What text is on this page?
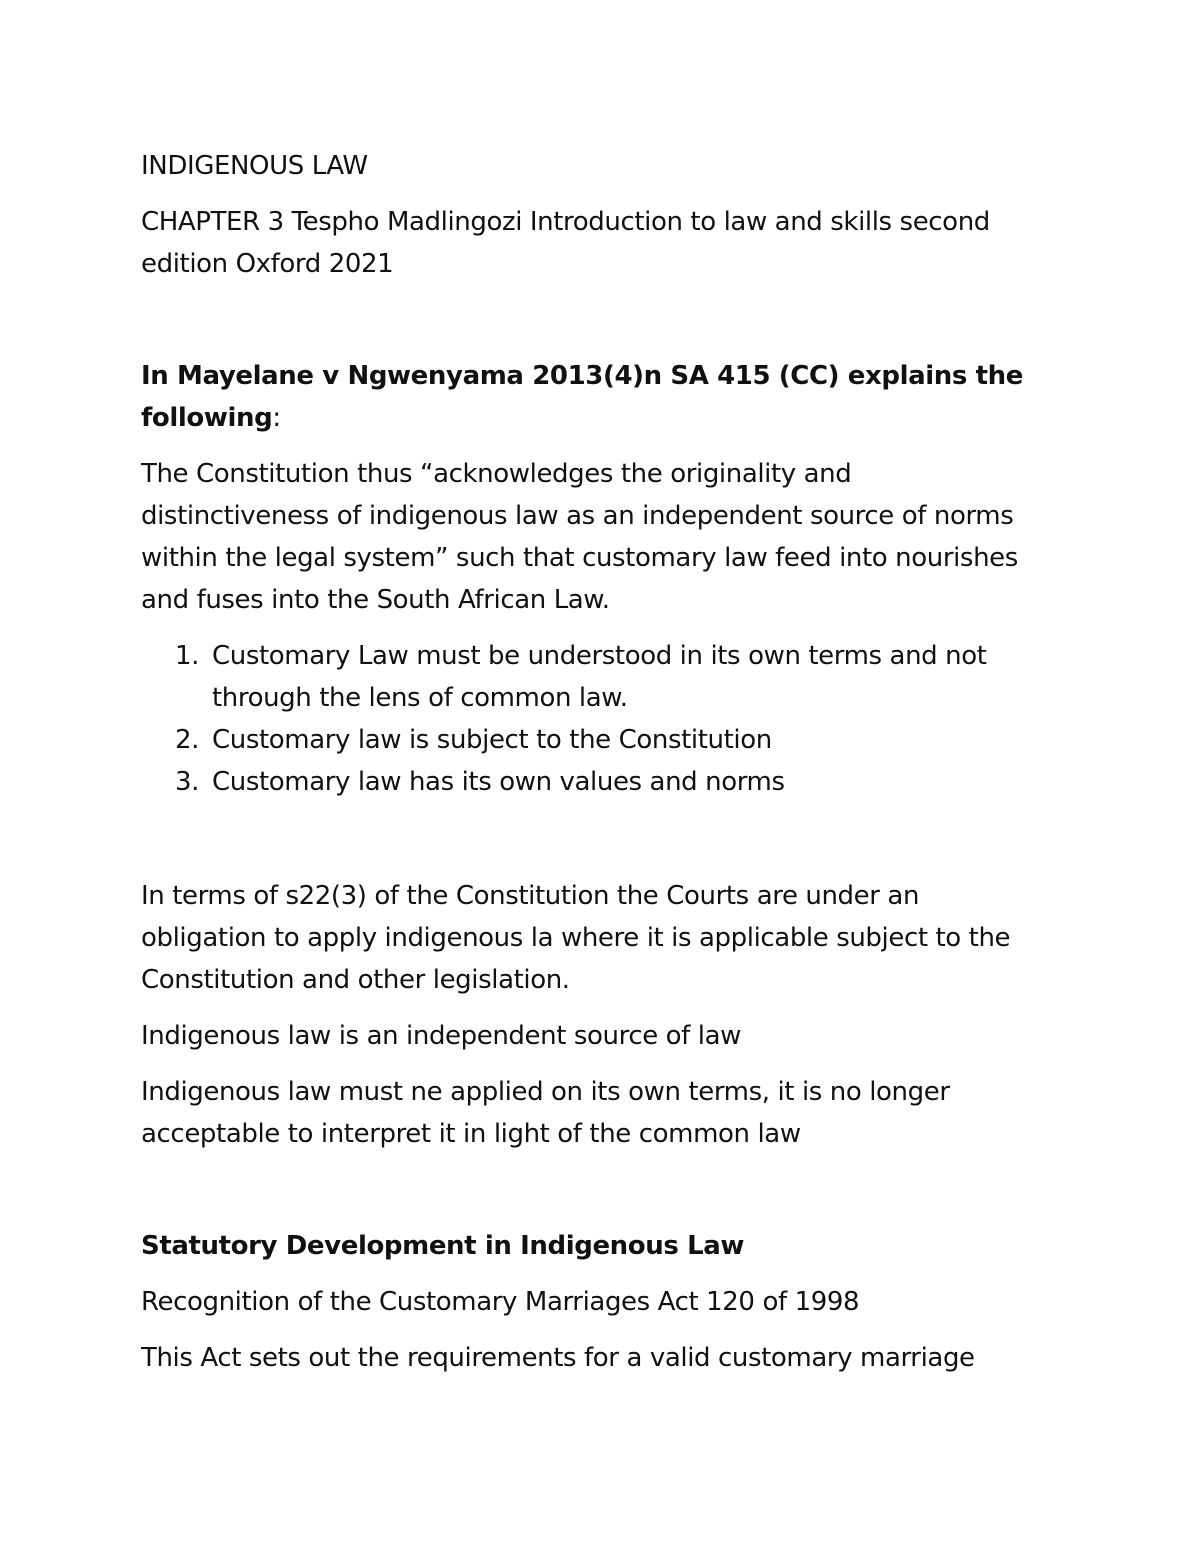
INDIGENOUS LAW

CHAPTER 3 Tespho Madlingozi Introduction to law and skills second edition Oxford 2021

In Mayelane v Ngwenyama 2013(4)n SA 415 (CC) explains the following:

The Constitution thus “acknowledges the originality and distinctiveness of indigenous law as an independent source of norms within the legal system” such that customary law feed into nourishes and fuses into the South African Law.

1. Customary Law must be understood in its own terms and not through the lens of common law.
2. Customary law is subject to the Constitution
3. Customary law has its own values and norms

In terms of s22(3) of the Constitution the Courts are under an obligation to apply indigenous la where it is applicable subject to the Constitution and other legislation.

Indigenous law is an independent source of law

Indigenous law must ne applied on its own terms, it is no longer acceptable to interpret it in light of the common law

Statutory Development in Indigenous Law

Recognition of the Customary Marriages Act 120 of 1998

This Act sets out the requirements for a valid customary marriage
